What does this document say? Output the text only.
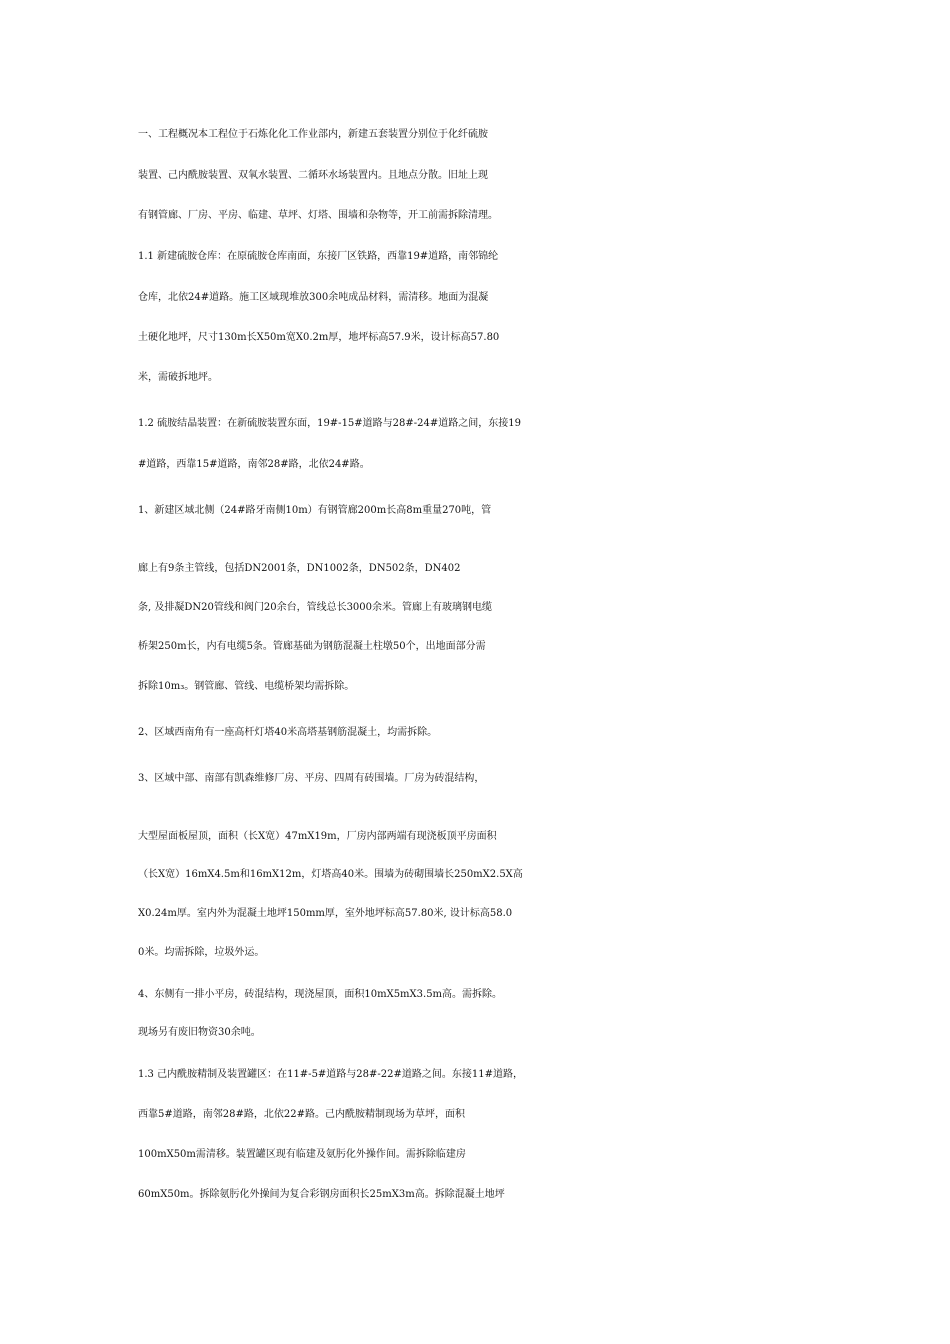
一、工程概况本工程位于石炼化化工作业部内，新建五套装置分别位于化纤硫胺
装置、己内酰胺装置、双氧水装置、二循环水场装置内。且地点分散。旧址上现
有钢管廊、厂房、平房、临建、草坪、灯塔、围墙和杂物等，开工前需拆除清理。
1.1 新建硫胺仓库：在原硫胺仓库南面，东接厂区铁路，西靠19#道路，南邻锦纶
仓库，北依24#道路。施工区域现堆放300余吨成品材料，需清移。地面为混凝
土硬化地坪，尺寸130m长X50m宽X0.2m厚，地坪标高57.9米，设计标高57.80
米，需破拆地坪。
1.2 硫胺结晶装置：在新硫胺装置东面，19#-15#道路与28#-24#道路之间，东接19
#道路，西靠15#道路，南邻28#路，北依24#路。
1、新建区域北侧（24#路牙南侧10m）有钢管廊200m长高8m重量270吨，管
廊上有9条主管线，包括DN2001条，DN1002条，DN502条，DN402
条, 及排凝DN20管线和阀门20余台，管线总长3000余米。管廊上有玻璃钢电缆
桥架250m长，内有电缆5条。管廊基础为钢筋混凝土柱墩50个，出地面部分需
拆除10m₃。钢管廊、管线、电缆桥架均需拆除。
2、区域西南角有一座高杆灯塔40米高塔基钢筋混凝土，均需拆除。
3、区域中部、南部有凯森维修厂房、平房、四周有砖围墙。厂房为砖混结构，
大型屋面板屋顶，面积（长X宽）47mX19m，厂房内部两端有现浇板顶平房面积
（长X宽）16mX4.5m和16mX12m，灯塔高40米。围墙为砖砌围墙长250mX2.5X高
X0.24m厚。室内外为混凝土地坪150mm厚，室外地坪标高57.80米, 设计标高58.0
0米。均需拆除，垃圾外运。
4、东侧有一排小平房，砖混结构，现浇屋顶，面积10mX5mX3.5m高。需拆除。
现场另有废旧物资30余吨。
1.3 己内酰胺精制及装置罐区：在11#-5#道路与28#-22#道路之间。东接11#道路，
西靠5#道路，南邻28#路，北依22#路。己内酰胺精制现场为草坪，面积
100mX50m需清移。装置罐区现有临建及氨肟化外操作间。需拆除临建房
60mX50m。拆除氨肟化外操间为复合彩钢房面积长25mX3m高。拆除混凝土地坪
